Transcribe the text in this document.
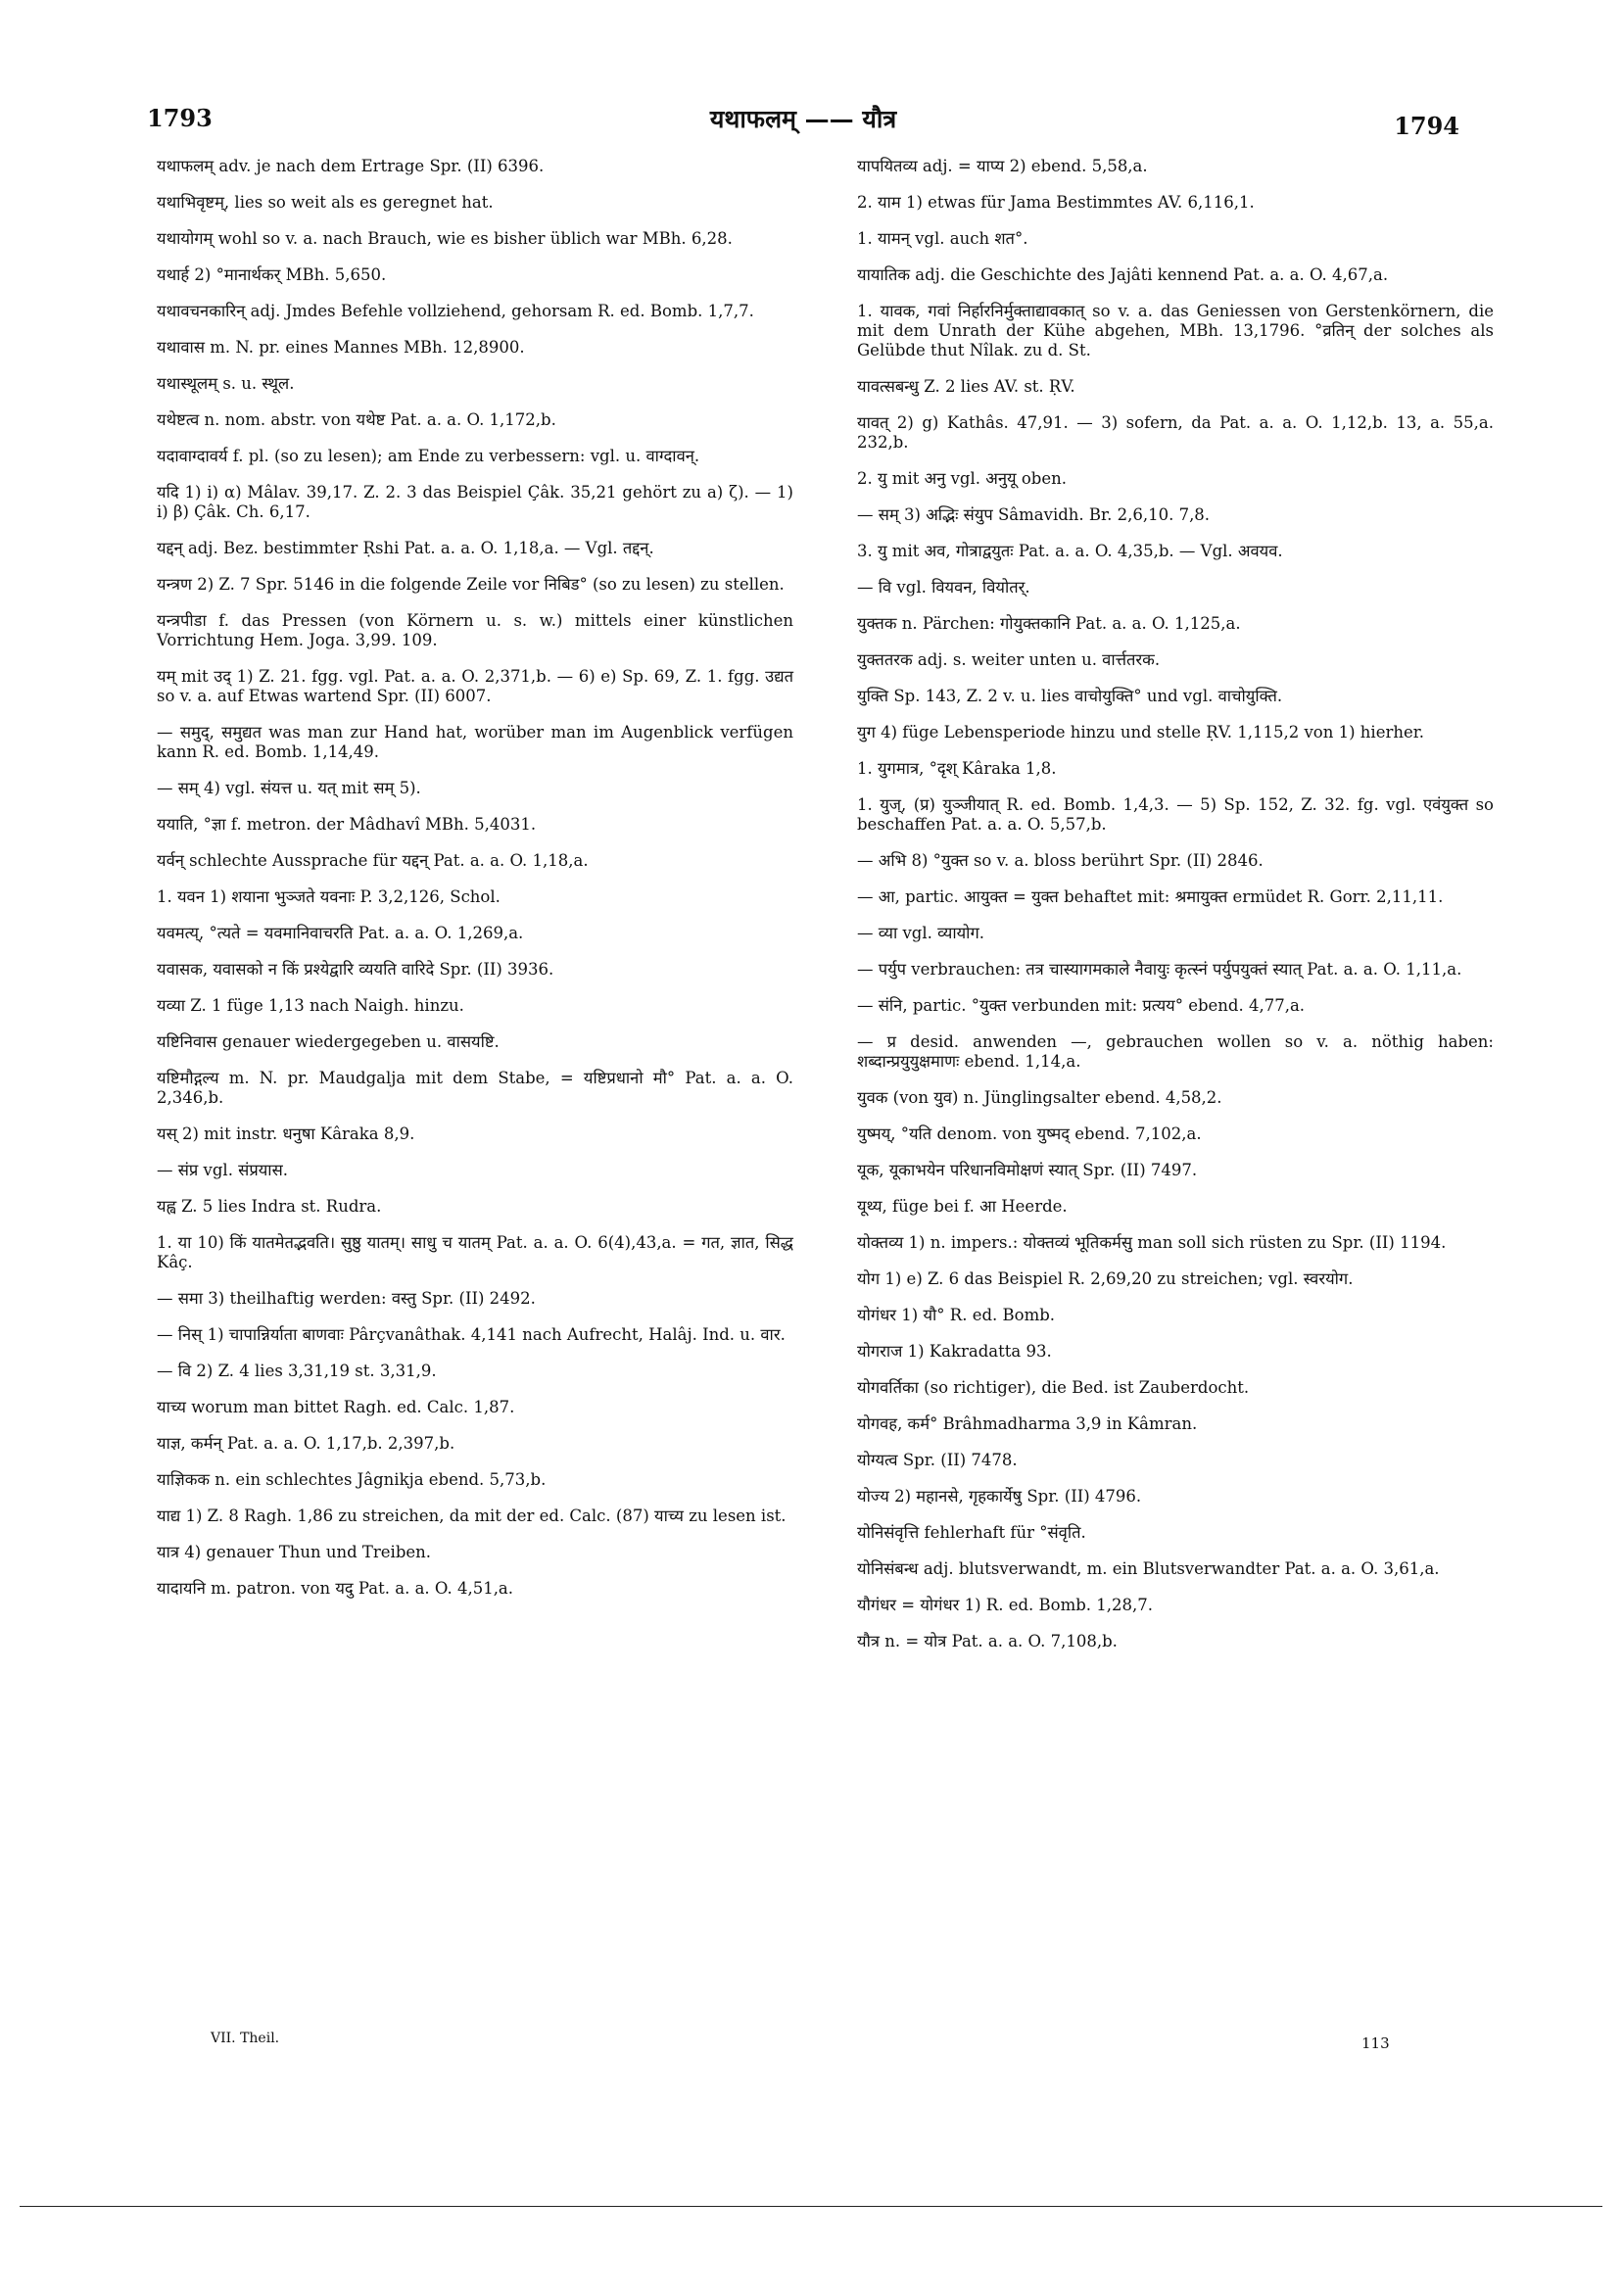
1793	यथाफलम् —— यौत्र	1794

यथाफलम् adv. je nach dem Ertrage Spr. (II) 6396.

यथाभिवृष्टम्, lies so weit als es geregnet hat.

यथायोगम् wohl so v. a. nach Brauch, wie es bisher üblich war MBh. 6,28.

यथार्ह 2) °मानार्थकर् MBh. 5,650.

यथावचनकारिन् adj. Jmdes Befehle vollziehend, gehorsam R. ed. Bomb. 1,7,7.

यथावास m. N. pr. eines Mannes MBh. 12,8900.

यथास्थूलम् s. u. स्थूल.

यथेष्टत्व n. nom. abstr. von यथेष्ट Pat. a. a. O. 1,172,b.

यदावाग्दावर्य f. pl. (so zu lesen); am Ende zu verbessern: vgl. u. वाग्दावन्.

यदि 1) i) α) Mâlav. 39,17. Z. 2. 3 das Beispiel Çâk. 35,21 gehört zu a) ζ). — 1) i) β) Çâk. Ch. 6,17.

यद्दन् adj. Bez. bestimmter Ṛshi Pat. a. a. O. 1,18,a. — Vgl. तद्दन्.

यन्त्रण 2) Z. 7 Spr. 5146 in die folgende Zeile vor निबिड° (so zu lesen) zu stellen.

यन्त्रपीडा f. das Pressen (von Körnern u. s. w.) mittels einer künstlichen Vorrichtung Hem. Joga. 3,99. 109.

यम् mit उद् 1) Z. 21. fgg. vgl. Pat. a. a. O. 2,371,b. — 6) e) Sp. 69, Z. 1. fgg. उद्यत so v. a. auf Etwas wartend Spr. (II) 6007.

— समुद्, समुद्यत was man zur Hand hat, worüber man im Augenblick verfügen kann R. ed. Bomb. 1,14,49.

— सम् 4) vgl. संयत्त u. यत् mit सम् 5).

ययाति, °ज्ञा f. metron. der Mâdhavî MBh. 5,4031.

यर्वन् schlechte Aussprache für यद्दन् Pat. a. a. O. 1,18,a.

1. यवन 1) शयाना भुञ्जते यवनाः P. 3,2,126, Schol.

यवमत्य्, °त्यते = यवमानिवाचरति Pat. a. a. O. 1,269,a.

यवासक, यवासको न किं प्रश्येद्वारि व्ययति वारिदे Spr. (II) 3936.

यव्या Z. 1 füge 1,13 nach Naigh. hinzu.

यष्टिनिवास genauer wiedergegeben u. वासयष्टि.

यष्टिमौद्गल्य m. N. pr. Maudgalja mit dem Stabe, = यष्टिप्रधानो मौ° Pat. a. a. O. 2,346,b.

यस् 2) mit instr. धनुषा Kâraka 8,9.

— संप्र vgl. संप्रयास.

यह्व Z. 5 lies Indra st. Rudra.

1. या 10) किं यातमेतद्भवति। सुष्ठु यातम्। साधु च यातम् Pat. a. a. O. 6(4),43,a. = गत, ज्ञात, सिद्ध Kâç.

— समा 3) theilhaftig werden: वस्तु Spr. (II) 2492.

— निस् 1) चापान्निर्याता बाणवाः Pârçvanâthak. 4,141 nach Aufrecht, Halâj. Ind. u. वार.

— वि 2) Z. 4 lies 3,31,19 st. 3,31,9.

याच्य worum man bittet Ragh. ed. Calc. 1,87.

याज्ञ, कर्मन् Pat. a. a. O. 1,17,b. 2,397,b.

याज्ञिकक n. ein schlechtes Jâgnikja ebend. 5,73,b.

याद्य 1) Z. 8 Ragh. 1,86 zu streichen, da mit der ed. Calc. (87) याच्य zu lesen ist.

यात्र 4) genauer Thun und Treiben.

यादायनि m. patron. von यदु Pat. a. a. O. 4,51,a.

यापयितव्य adj. = याप्य 2) ebend. 5,58,a.

2. याम 1) etwas für Jama Bestimmtes AV. 6,116,1.

1. यामन् vgl. auch शत°.

यायातिक adj. die Geschichte des Jajâti kennend Pat. a. a. O. 4,67,a.

1. यावक, गवां निर्हारनिर्मुक्ताद्यावकात् so v. a. das Geniessen von Gerstenkörnern, die mit dem Unrath der Kühe abgehen, MBh. 13,1796. °व्रतिन् der solches als Gelübde thut Nîlak. zu d. St.

यावत्सबन्धु Z. 2 lies AV. st. ṚV.

यावत् 2) g) Kathâs. 47,91. — 3) sofern, da Pat. a. a. O. 1,12,b. 13, a. 55,a. 232,b.

2. यु mit अनु vgl. अनुयू oben.

— सम् 3) अद्भिः संयुप Sâmavidh. Br. 2,6,10. 7,8.

3. यु mit अव, गोत्राद्वयुतः Pat. a. a. O. 4,35,b. — Vgl. अवयव.

— वि vgl. वियवन, वियोतर्.

युक्तक n. Pärchen: गोयुक्तकानि Pat. a. a. O. 1,125,a.

युक्ततरक adj. s. weiter unten u. वार्त्ततरक.

युक्ति Sp. 143, Z. 2 v. u. lies वाचोयुक्ति° und vgl. वाचोयुक्ति.

युग 4) füge Lebensperiode hinzu und stelle ṚV. 1,115,2 von 1) hierher.

1. युगमात्र, °दृश् Kâraka 1,8.

1. युज्, (प्र) युञ्जीयात् R. ed. Bomb. 1,4,3. — 5) Sp. 152, Z. 32. fg. vgl. एवंयुक्त so beschaffen Pat. a. a. O. 5,57,b.

— अभि 8) °युक्त so v. a. bloss berührt Spr. (II) 2846.

— आ, partic. आयुक्त = युक्त behaftet mit: श्रमायुक्त ermüdet R. Gorr. 2,11,11.

— व्या vgl. व्यायोग.

— पर्युप verbrauchen: तत्र चास्यागमकाले नैवायुः कृत्स्नं पर्युपयुक्तं स्यात् Pat. a. a. O. 1,11,a.

— संनि, partic. °युक्त verbunden mit: प्रत्यय° ebend. 4,77,a.

— प्र desid. anwenden —, gebrauchen wollen so v. a. nöthig haben: शब्दान्प्रयुयुक्षमाणः ebend. 1,14,a.

युवक (von युव) n. Jünglingsalter ebend. 4,58,2.

युष्मय्, °यति denom. von युष्मद् ebend. 7,102,a.

यूक, यूकाभयेन परिधानविमोक्षणं स्यात् Spr. (II) 7497.

यूथ्य, füge bei f. आ Heerde.

योक्तव्य 1) n. impers.: योक्तव्यं भूतिकर्मसु man soll sich rüsten zu Spr. (II) 1194.

योग 1) e) Z. 6 das Beispiel R. 2,69,20 zu streichen; vgl. स्वरयोग.

योगंधर 1) यौ° R. ed. Bomb.

योगराज 1) Kakradatta 93.

योगवर्तिका (so richtiger), die Bed. ist Zauberdocht.

योगवह, कर्म° Brâhmadharma 3,9 in Kâmran.

योग्यत्व Spr. (II) 7478.

योज्य 2) महानसे, गृहकार्येषु Spr. (II) 4796.

योनिसंवृत्ति fehlerhaft für °संवृति.

योनिसंबन्ध adj. blutsverwandt, m. ein Blutsverwandter Pat. a. a. O. 3,61,a.

यौगंधर = योगंधर 1) R. ed. Bomb. 1,28,7.

यौत्र n. = योत्र Pat. a. a. O. 7,108,b.

VII. Theil.	113
